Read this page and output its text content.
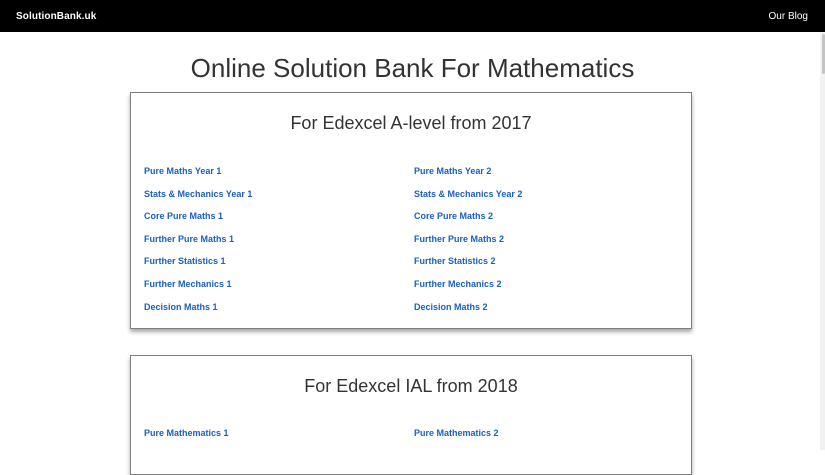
SolutionBank.uk	Our Blog
Online Solution Bank For Mathematics
For Edexcel A-level from 2017
Pure Maths Year 1	Pure Maths Year 2
Stats & Mechanics Year 1	Stats & Mechanics Year 2
Core Pure Maths 1	Core Pure Maths 2
Further Pure Maths 1	Further Pure Maths 2
Further Statistics 1	Further Statistics 2
Further Mechanics 1	Further Mechanics 2
Decision Maths 1	Decision Maths 2
For Edexcel IAL from 2018
Pure Mathematics 1	Pure Mathematics 2
